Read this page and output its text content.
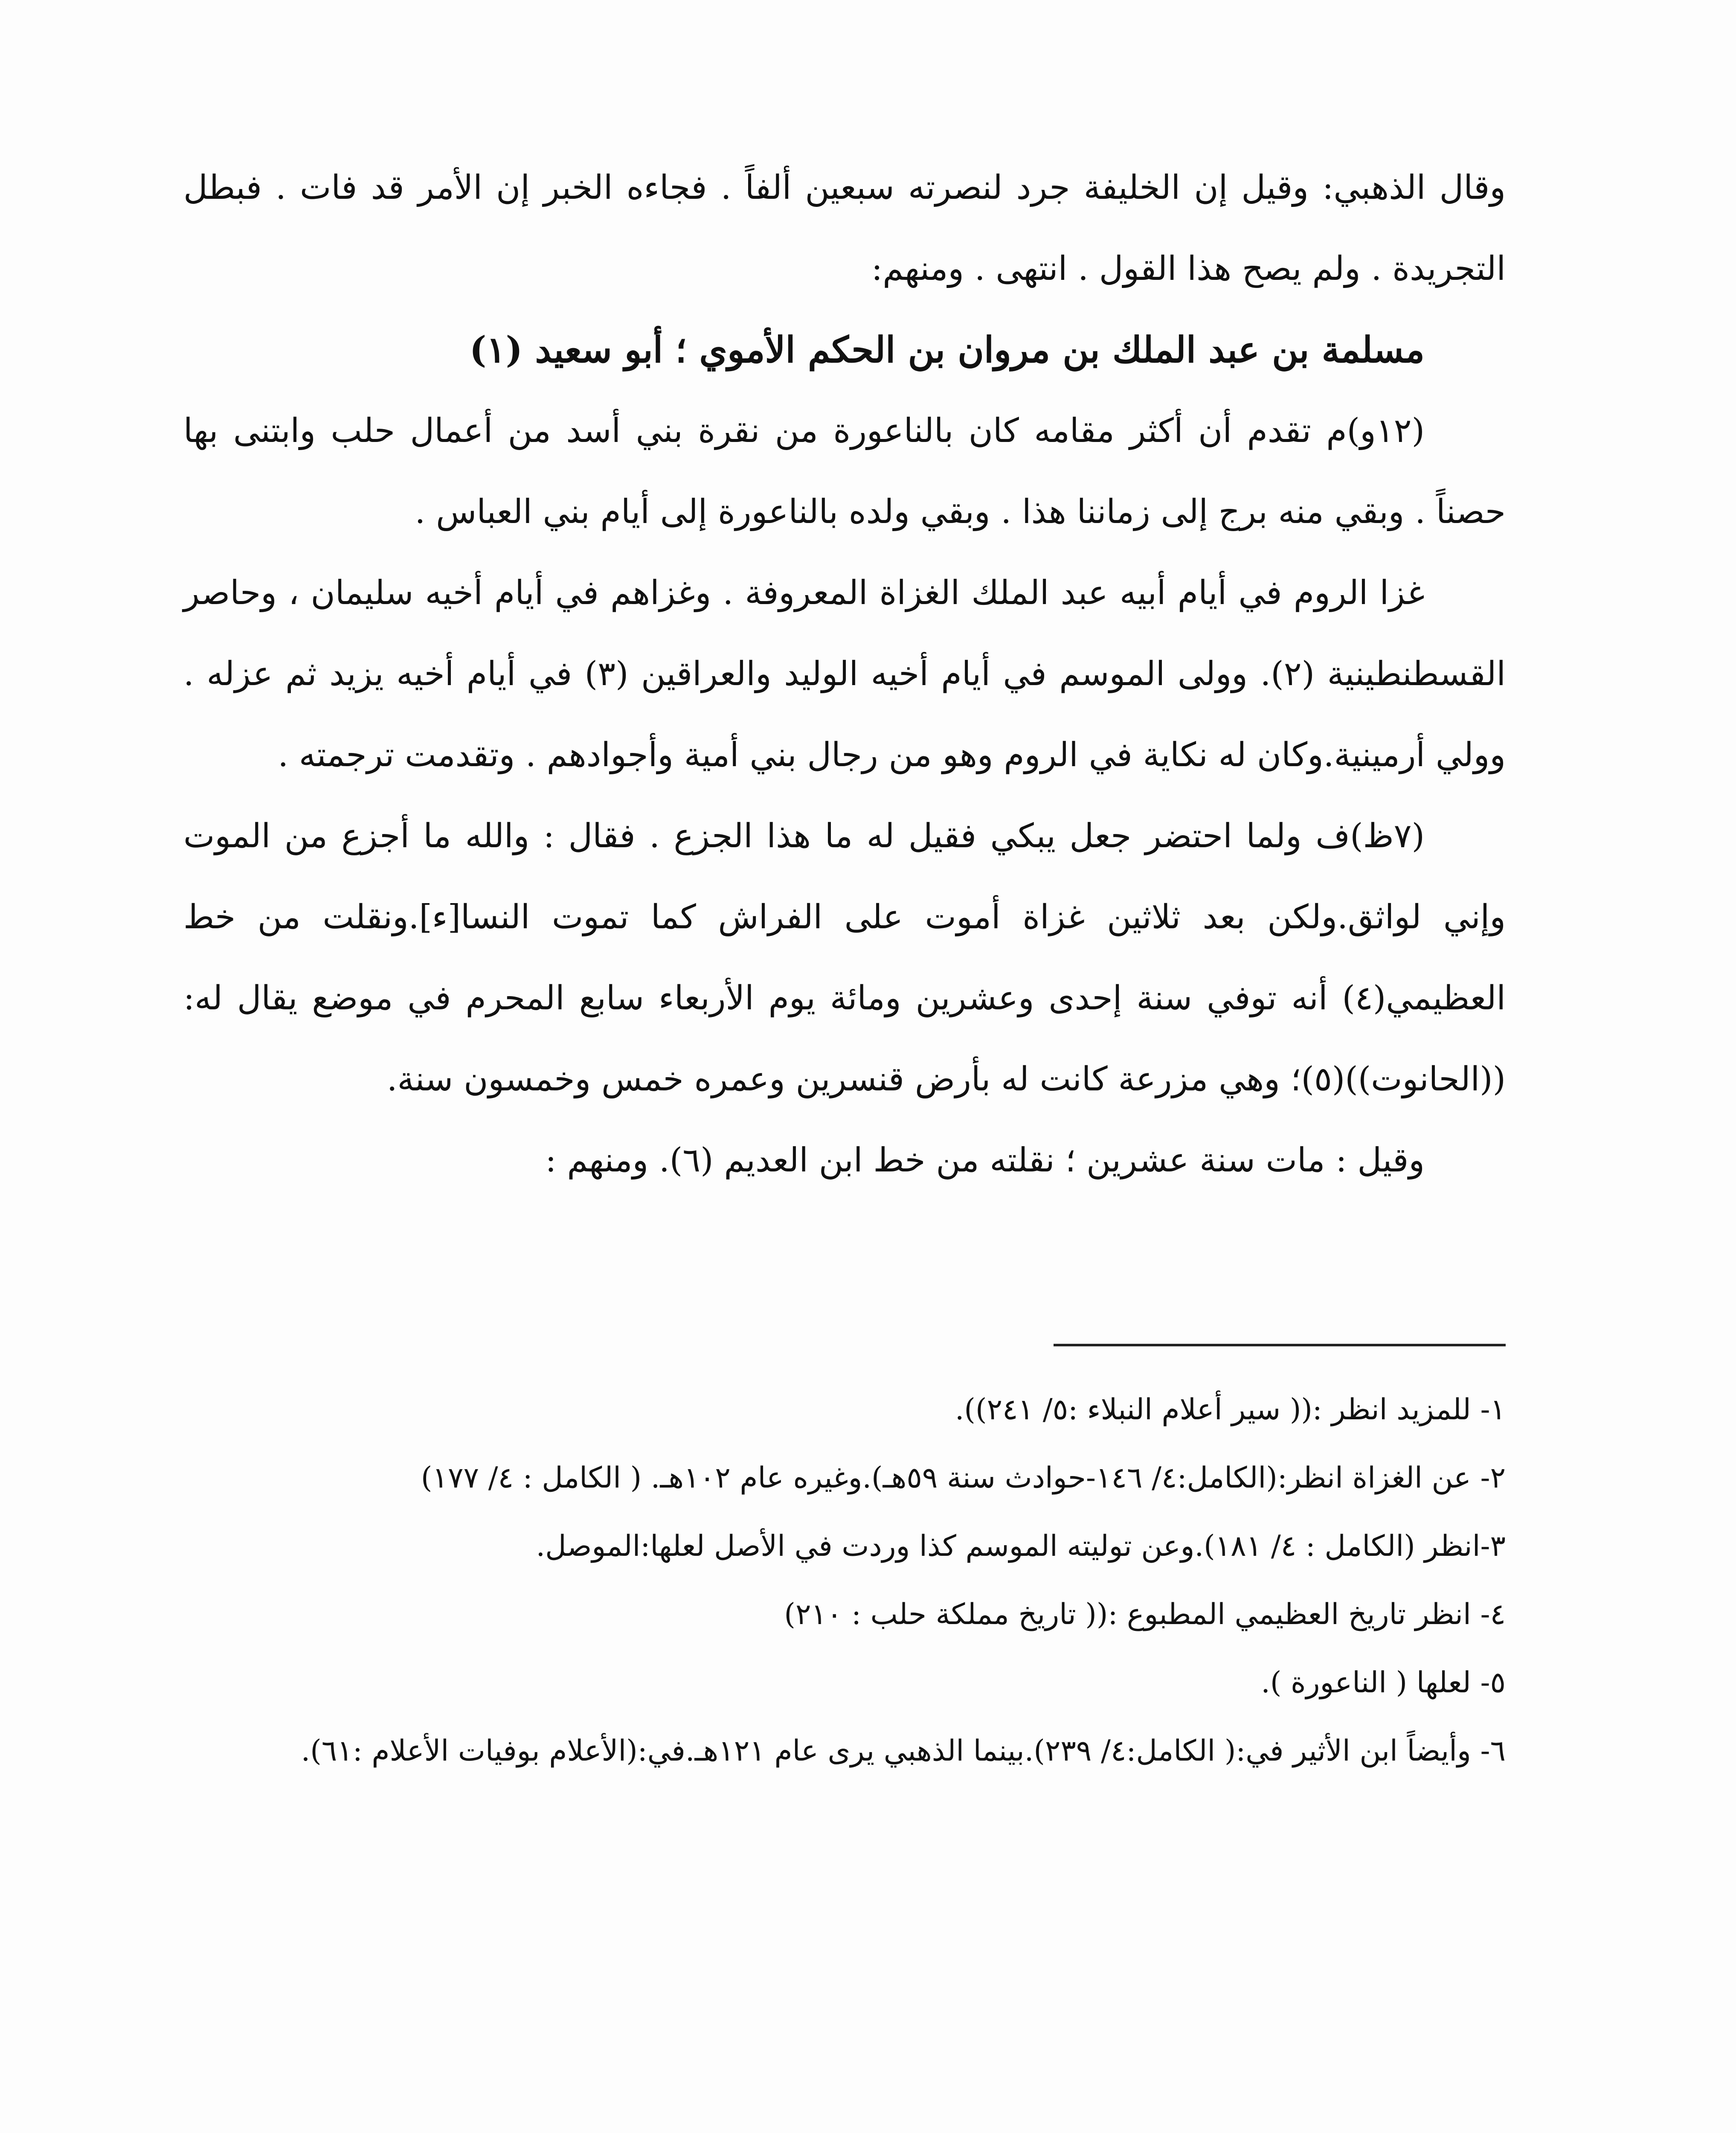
وقال الذهبي: وقيل إن الخليفة جرد لنصرته سبعين ألفاً . فجاءه الخبر إن الأمر قد فات . فبطل التجريدة . ولم يصح هذا القول . انتهى . ومنهم:

مسلمة بن عبد الملك بن مروان بن الحكم الأموي ؛ أبو سعيد (١)

(١٢و)م تقدم أن أكثر مقامه كان بالناعورة من نقرة بني أسد من أعمال حلب وابتنى بها حصناً . وبقي منه برج إلى زماننا هذا . وبقي ولده بالناعورة إلى أيام بني العباس .

غزا الروم في أيام أبيه عبد الملك الغزاة المعروفة . وغزاهم في أيام أخيه سليمان ، وحاصر القسطنطينية (٢). وولى الموسم في أيام أخيه الوليد والعراقين (٣) في أيام أخيه يزيد ثم عزله . وولي أرمينية.وكان له نكاية في الروم وهو من رجال بني أمية وأجوادهم . وتقدمت ترجمته .

(٧ظ)ف ولما احتضر جعل يبكي فقيل له ما هذا الجزع . فقال : والله ما أجزع من الموت وإني لواثق.ولكن بعد ثلاثين غزاة أموت على الفراش كما تموت النسا[ء].ونقلت من خط العظيمي(٤) أنه توفي سنة إحدى وعشرين ومائة يوم الأربعاء سابع المحرم في موضع يقال له:((الحانوت))(٥)؛ وهي مزرعة كانت له بأرض قنسرين وعمره خمس وخمسون سنة.

وقيل : مات سنة عشرين ؛ نقلته من خط ابن العديم (٦). ومنهم :

١- للمزيد انظر :(( سير أعلام النبلاء :٥/ ٢٤١)).

٢- عن الغزاة انظر:(الكامل:٤/ ١٤٦-حوادث سنة ٥٩هـ).وغيره عام ١٠٢هـ. ( الكامل : ٤/ ١٧٧)

٣-انظر (الكامل : ٤/ ١٨١).وعن توليته الموسم كذا وردت في الأصل لعلها:الموصل.

٤- انظر تاريخ العظيمي المطبوع :(( تاريخ مملكة حلب : ٢١٠)

٥- لعلها ( الناعورة ).

٦- وأيضاً ابن الأثير في:( الكامل:٤/ ٢٣٩).بينما الذهبي يرى عام ١٢١هـ.في:(الأعلام بوفيات الأعلام :٦١).
